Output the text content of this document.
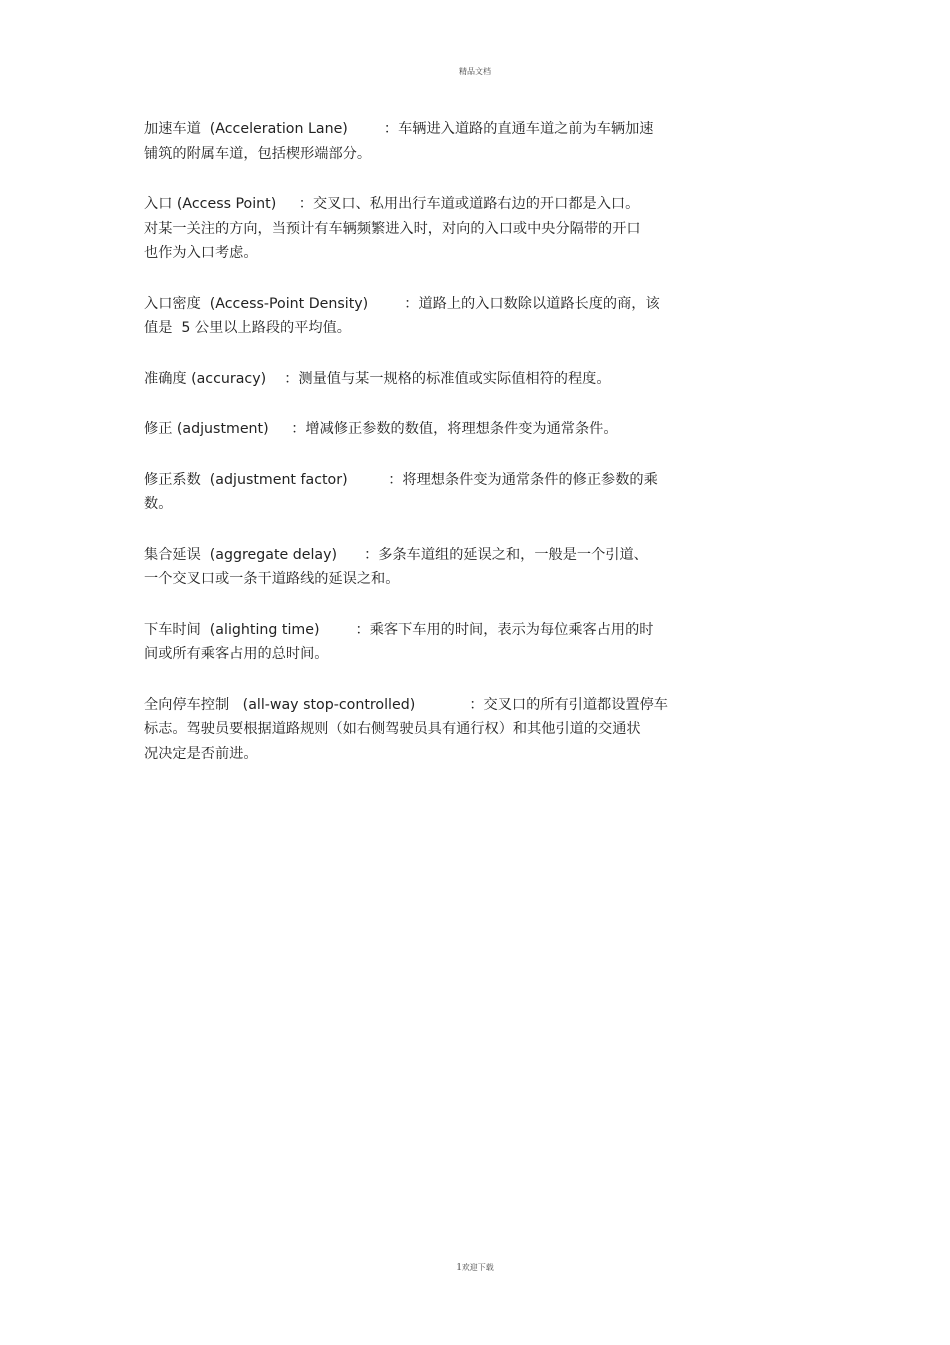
精品文档
加速车道  (Acceleration Lane)        ：车辆进入道路的直通车道之前为车辆加速
铺筑的附属车道，包括楔形端部分。
入口 (Access Point)     ：交叉口、私用出行车道或道路右边的开口都是入口。
对某一关注的方向，当预计有车辆频繁进入时，对向的入口或中央分隔带的开口
也作为入口考虑。
入口密度  (Access-Point Density)        ：道路上的入口数除以道路长度的商，该
值是  5 公里以上路段的平均值。
准确度 (accuracy)    ：测量值与某一规格的标准值或实际值相符的程度。
修正 (adjustment)     ：增减修正参数的数值，将理想条件变为通常条件。
修正系数  (adjustment factor)         ：将理想条件变为通常条件的修正参数的乘
数。
集合延误  (aggregate delay)      ：多条车道组的延误之和，一般是一个引道、
一个交叉口或一条干道路线的延误之和。
下车时间  (alighting time)        ：乘客下车用的时间，表示为每位乘客占用的时
间或所有乘客占用的总时间。
全向停车控制   (all-way stop-controlled)            ：交叉口的所有引道都设置停车
标志。驾驶员要根据道路规则（如右侧驾驶员具有通行权）和其他引道的交通状
况决定是否前进。
1欢迎下载
